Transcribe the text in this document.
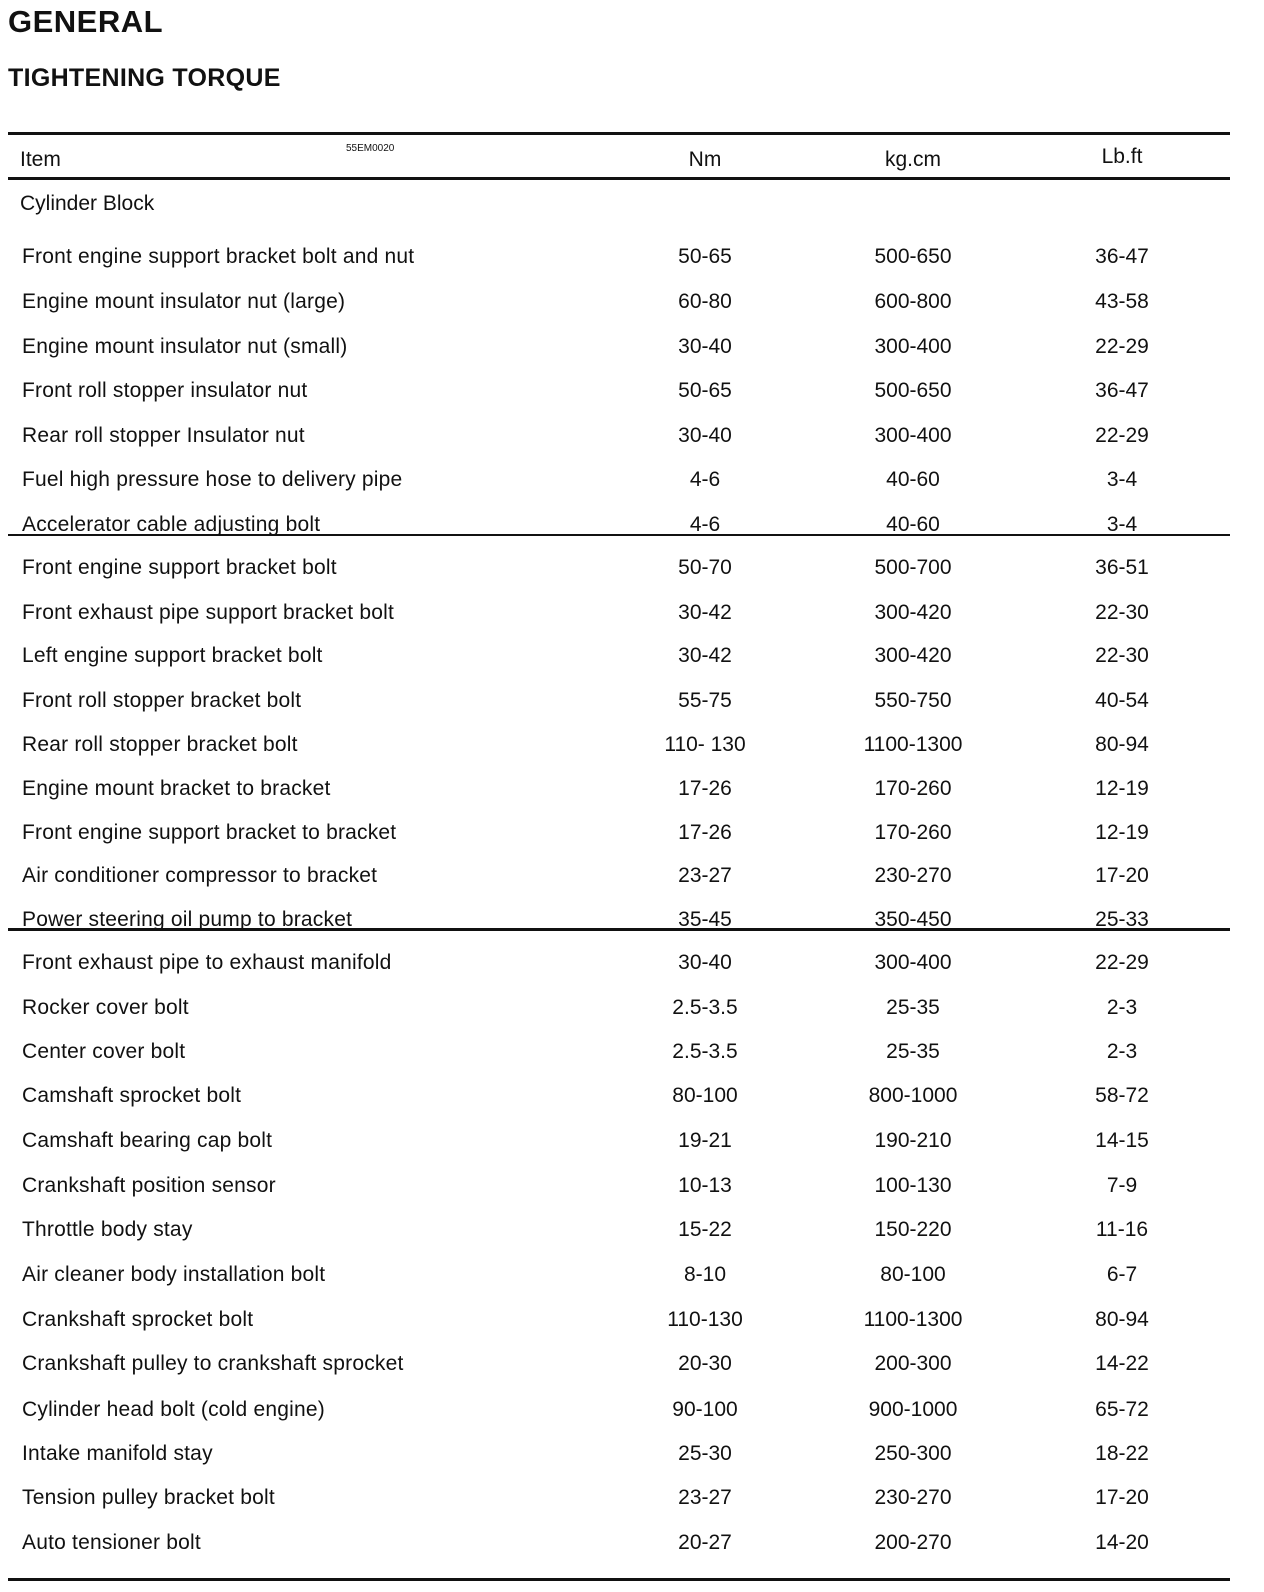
GENERAL
TIGHTENING TORQUE
55EM0020
Item	Nm	kg.cm	Lb.ft
Cylinder Block
Front engine support bracket bolt and nut	50-65	500-650	36-47
Engine mount insulator nut (large)	60-80	600-800	43-58
Engine mount insulator nut (small)	30-40	300-400	22-29
Front roll stopper insulator nut	50-65	500-650	36-47
Rear roll stopper Insulator nut	30-40	300-400	22-29
Fuel high pressure hose to delivery pipe	4-6	40-60	3-4
Accelerator cable adjusting bolt	4-6	40-60	3-4
Front engine support bracket bolt	50-70	500-700	36-51
Front exhaust pipe support bracket bolt	30-42	300-420	22-30
Left engine support bracket bolt	30-42	300-420	22-30
Front roll stopper bracket bolt	55-75	550-750	40-54
Rear roll stopper bracket bolt	110- 130	1100-1300	80-94
Engine mount bracket to bracket	17-26	170-260	12-19
Front engine support bracket to bracket	17-26	170-260	12-19
Air conditioner compressor to bracket	23-27	230-270	17-20
Power steering oil pump to bracket	35-45	350-450	25-33
Front exhaust pipe to exhaust manifold	30-40	300-400	22-29
Rocker cover bolt	2.5-3.5	25-35	2-3
Center cover bolt	2.5-3.5	25-35	2-3
Camshaft sprocket bolt	80-100	800-1000	58-72
Camshaft bearing cap bolt	19-21	190-210	14-15
Crankshaft position sensor	10-13	100-130	7-9
Throttle body stay	15-22	150-220	11-16
Air cleaner body installation bolt	8-10	80-100	6-7
Crankshaft sprocket bolt	110-130	1100-1300	80-94
Crankshaft pulley to crankshaft sprocket	20-30	200-300	14-22
Cylinder head bolt (cold engine)	90-100	900-1000	65-72
Intake manifold stay	25-30	250-300	18-22
Tension pulley bracket bolt	23-27	230-270	17-20
Auto tensioner bolt	20-27	200-270	14-20
